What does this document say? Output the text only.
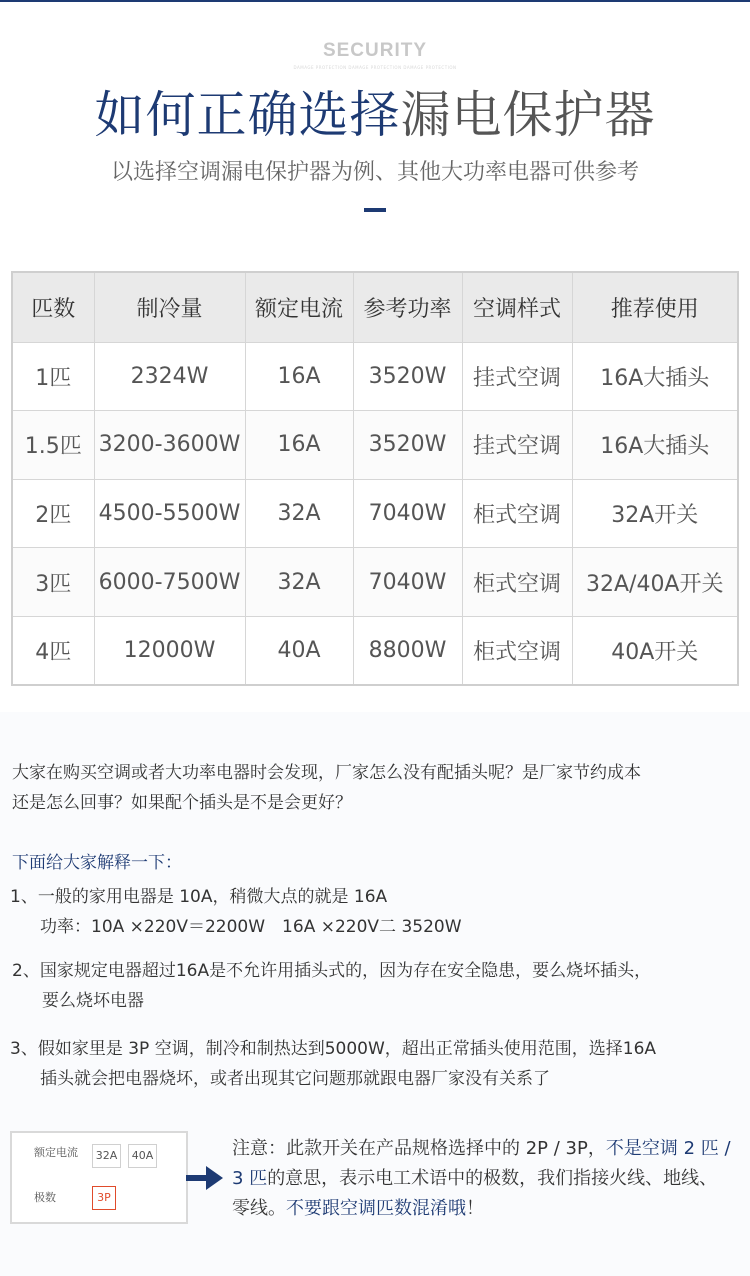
SECURITY
DAMAGE PROTECTION DAMAGE PROTECTION DAMAGE PROTECTION
如何正确选择漏电保护器
以选择空调漏电保护器为例、其他大功率电器可供参考
匹数	制冷量	额定电流	参考功率	空调样式	推荐使用
1匹	2324W	16A	3520W	挂式空调	16A大插头
1.5匹	3200-3600W	16A	3520W	挂式空调	16A大插头
2匹	4500-5500W	32A	7040W	柜式空调	32A开关
3匹	6000-7500W	32A	7040W	柜式空调	32A/40A开关
4匹	12000W	40A	8800W	柜式空调	40A开关
大家在购买空调或者大功率电器时会发现，厂家怎么没有配插头呢？是厂家节约成本
还是怎么回事？如果配个插头是不是会更好？
下面给大家解释一下：
1、一般的家用电器是 10A，稍微大点的就是 16A
功率：10A ×220V＝2200W　16A ×220V二 3520W
2、国家规定电器超过16A是不允许用插头式的，因为存在安全隐患，要么烧坏插头，
要么烧坏电器
3、假如家里是 3P 空调，制冷和制热达到5000W，超出正常插头使用范围，选择16A
插头就会把电器烧坏，或者出现其它问题那就跟电器厂家没有关系了
额定电流	32A	40A
极数	3P
注意：此款开关在产品规格选择中的 2P / 3P，不是空调 2 匹 / 3 匹的意思，表示电工术语中的极数，我们指接火线、地线、零线。不要跟空调匹数混淆哦！
